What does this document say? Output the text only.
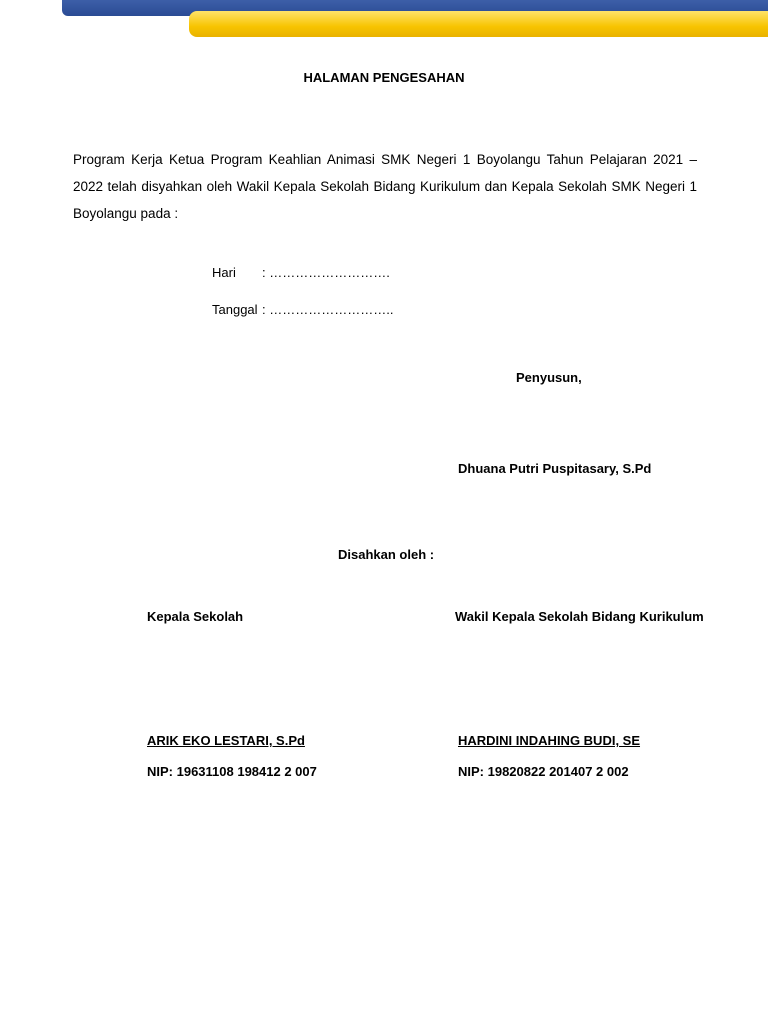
HALAMAN PENGESAHAN

Program Kerja Ketua Program Keahlian Animasi SMK Negeri 1 Boyolangu Tahun Pelajaran 2021 – 2022 telah disyahkan oleh Wakil Kepala Sekolah Bidang Kurikulum dan Kepala Sekolah SMK Negeri 1 Boyolangu pada :

Hari : ……………………….
Tanggal : ………………………..
Penyusun,
Dhuana Putri Puspitasary, S.Pd
Disahkan oleh :
Kepala Sekolah	Wakil Kepala Sekolah Bidang Kurikulum
ARIK EKO LESTARI, S.Pd	HARDINI INDAHING BUDI, SE
NIP: 19631108 198412 2 007	NIP: 19820822 201407 2 002
